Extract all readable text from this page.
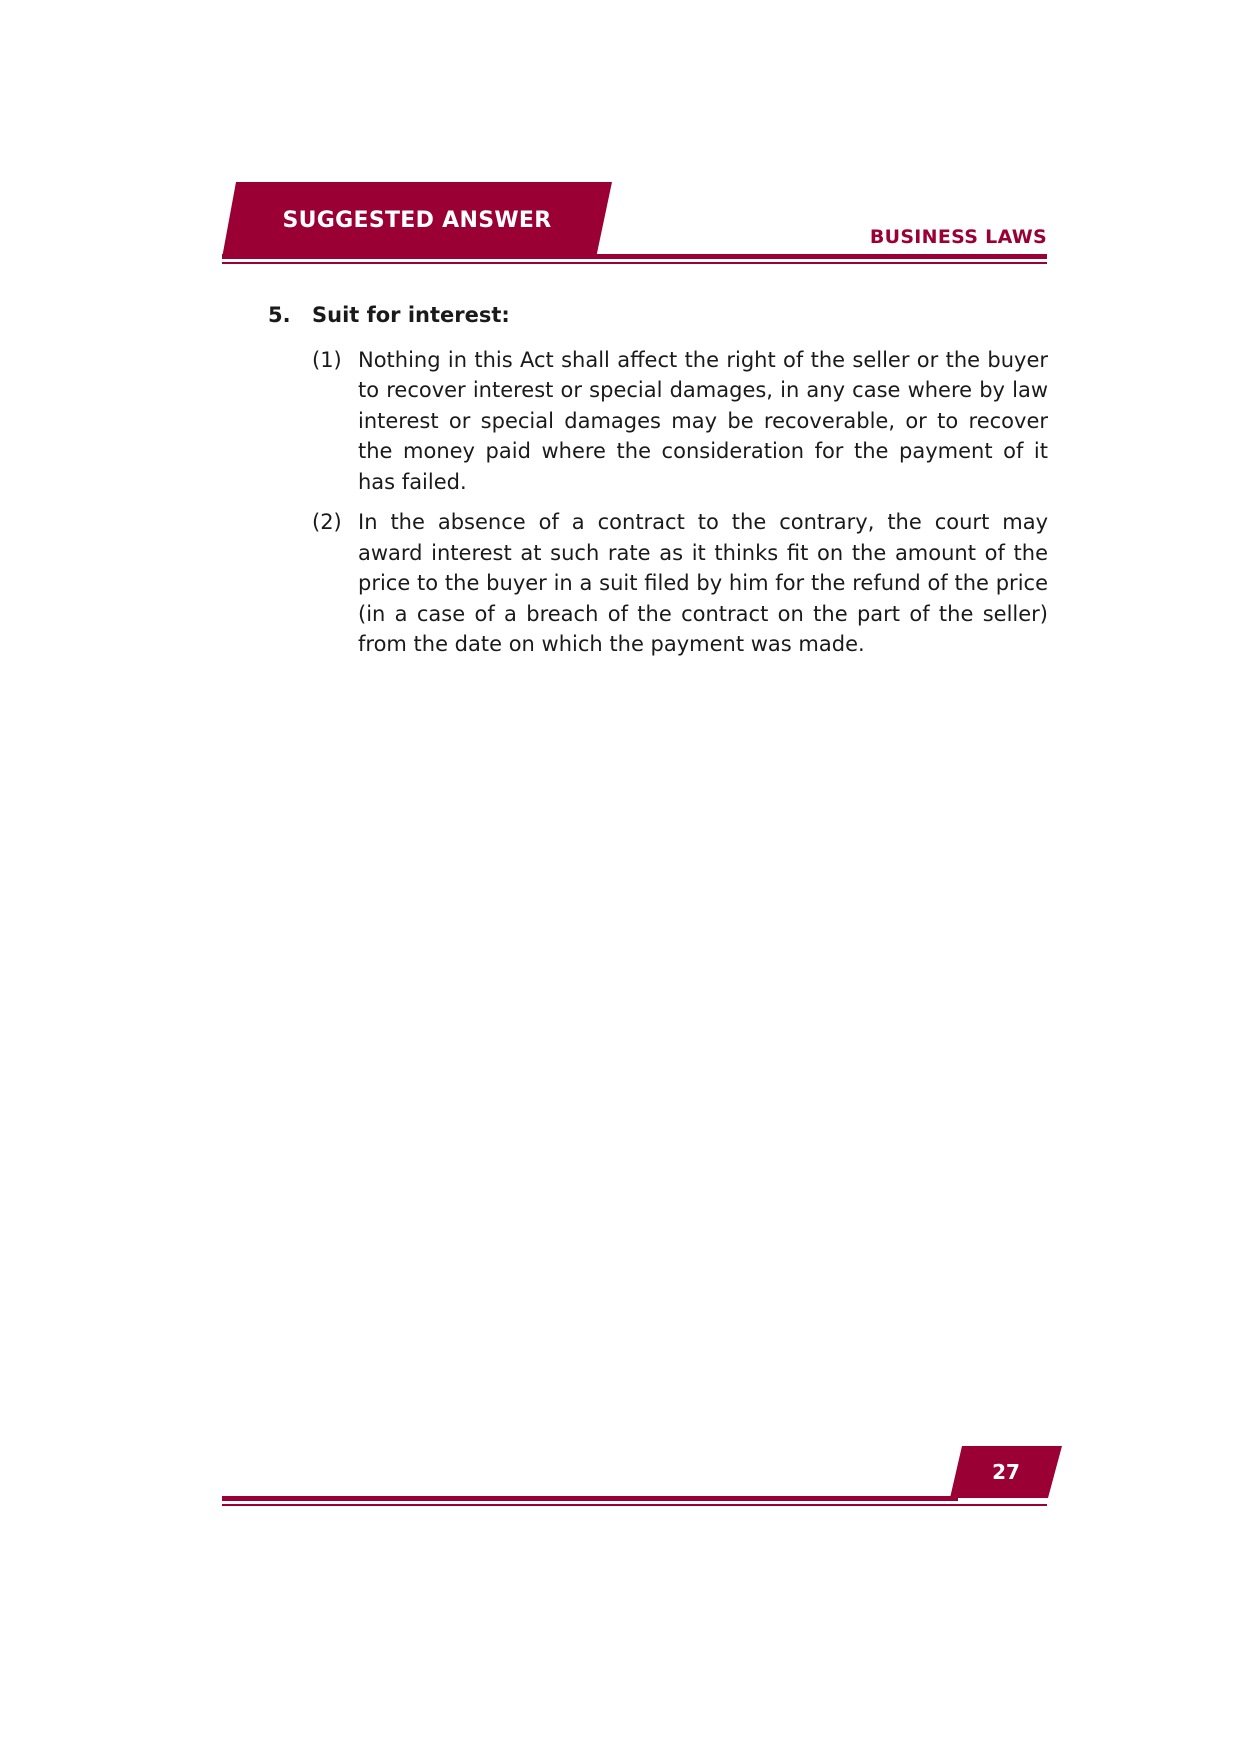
SUGGESTED ANSWER
BUSINESS LAWS
5.	Suit for interest:
(1) Nothing in this Act shall affect the right of the seller or the buyer to recover interest or special damages, in any case where by law interest or special damages may be recoverable, or to recover the money paid where the consideration for the payment of it has failed.
(2) In the absence of a contract to the contrary, the court may award interest at such rate as it thinks fit on the amount of the price to the buyer in a suit filed by him for the refund of the price (in a case of a breach of the contract on the part of the seller) from the date on which the payment was made.
27
